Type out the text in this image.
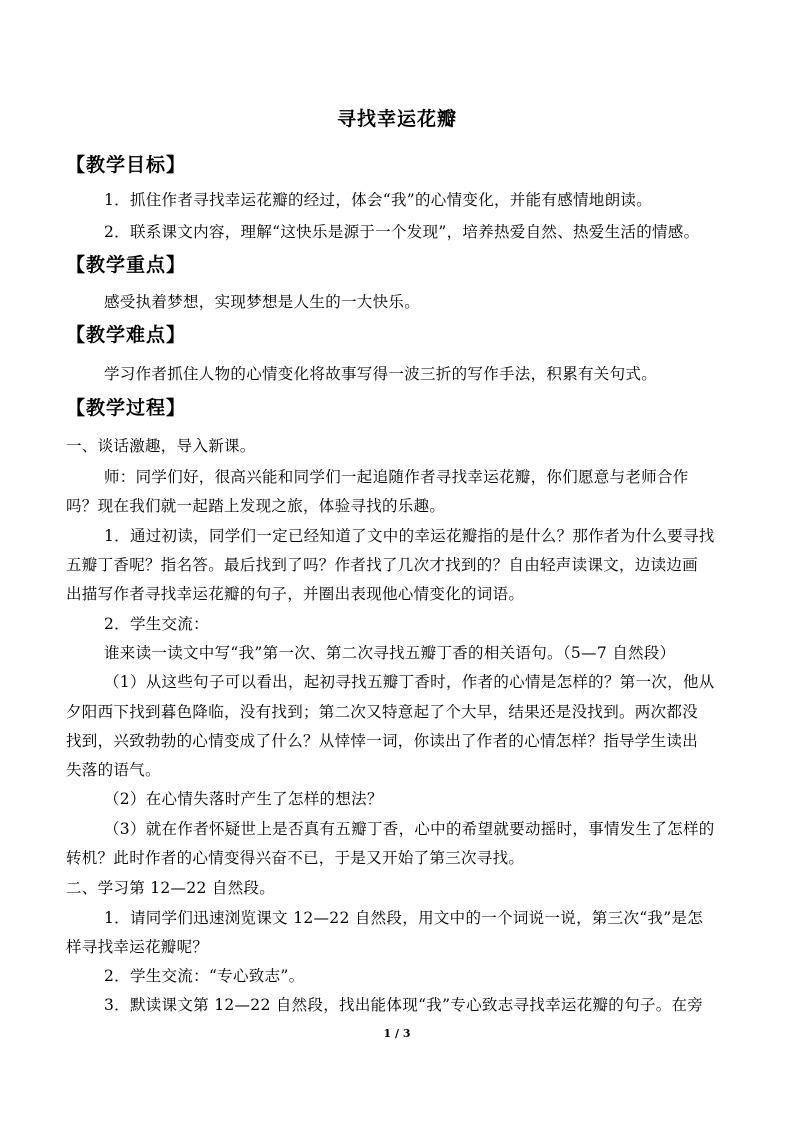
寻找幸运花瓣
【教学目标】
1．抓住作者寻找幸运花瓣的经过，体会“我”的心情变化，并能有感情地朗读。
2．联系课文内容，理解“这快乐是源于一个发现”，培养热爱自然、热爱生活的情感。
【教学重点】
感受执着梦想，实现梦想是人生的一大快乐。
【教学难点】
学习作者抓住人物的心情变化将故事写得一波三折的写作手法，积累有关句式。
【教学过程】
一、谈话激趣，导入新课。
师：同学们好，很高兴能和同学们一起追随作者寻找幸运花瓣，你们愿意与老师合作
吗？现在我们就一起踏上发现之旅，体验寻找的乐趣。
1．通过初读，同学们一定已经知道了文中的幸运花瓣指的是什么？那作者为什么要寻找
五瓣丁香呢？指名答。最后找到了吗？作者找了几次才找到的？自由轻声读课文，边读边画
出描写作者寻找幸运花瓣的句子，并圈出表现他心情变化的词语。
2．学生交流：
谁来读一读文中写“我”第一次、第二次寻找五瓣丁香的相关语句。（5—7 自然段）
（1）从这些句子可以看出，起初寻找五瓣丁香时，作者的心情是怎样的？第一次，他从
夕阳西下找到暮色降临，没有找到；第二次又特意起了个大早，结果还是没找到。两次都没
找到，兴致勃勃的心情变成了什么？从悻悻一词，你读出了作者的心情怎样？指导学生读出
失落的语气。
（2）在心情失落时产生了怎样的想法？
（3）就在作者怀疑世上是否真有五瓣丁香，心中的希望就要动摇时，事情发生了怎样的
转机？此时作者的心情变得兴奋不已，于是又开始了第三次寻找。
二、学习第 12—22 自然段。
1．请同学们迅速浏览课文 12—22 自然段，用文中的一个词说一说，第三次“我”是怎
样寻找幸运花瓣呢？
2．学生交流：“专心致志”。
3．默读课文第 12—22 自然段，找出能体现“我”专心致志寻找幸运花瓣的句子。在旁
1 / 3
